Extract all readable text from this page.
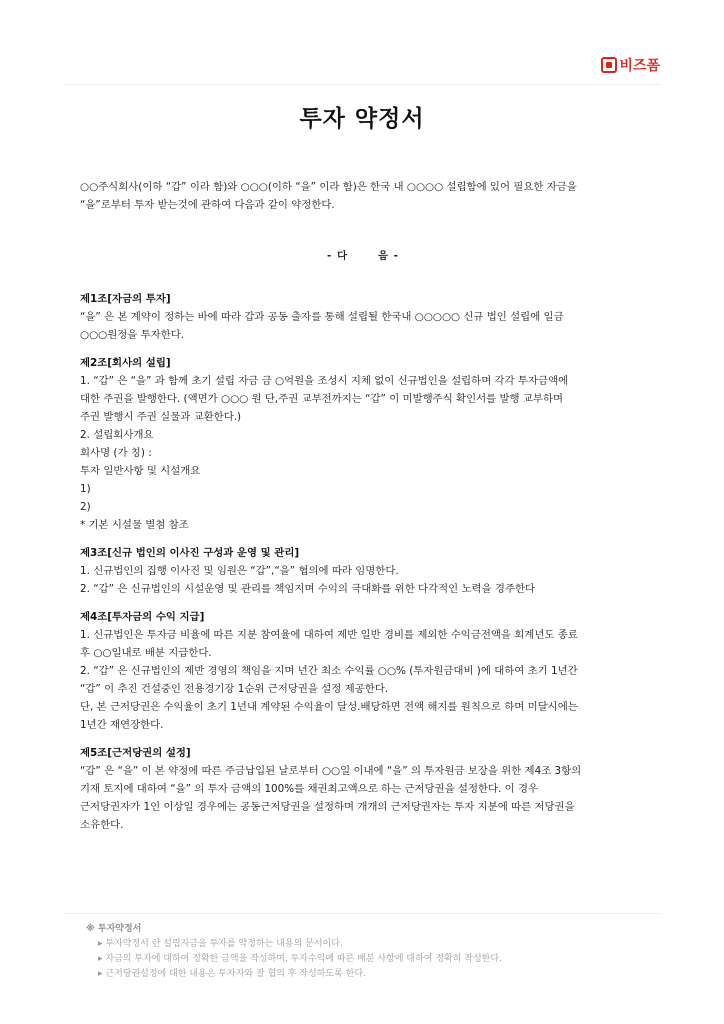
비즈폼
투자 약정서

○○주식회사(이하 “갑” 이라 함)와 ○○○(이하 “을” 이라 함)은 한국 내 ○○○○ 설립함에 있어 필요한 자금을

“을”로부터 투자 받는것에 관하여 다음과 같이 약정한다.

- 다	음 -
제1조[자금의 투자]

“을” 은 본 계약이 정하는 바에 따라 갑과 공동 출자를 통해 설립될 한국내 ○○○○○ 신규 법인 설립에 일금

○○○원정을 투자한다.

제2조[회사의 설립]

1. “갑” 은 “을” 과 함께 초기 설립 자금 금 ○억원을 조성시 지체 없이 신규법인을 설립하며 각각 투자금액에

대한 주권을 발행한다. (액면가 ○○○ 원 단,주권 교부전까지는 “갑” 이 미발행주식 확인서를 발행 교부하며

주권 발행시 주권 실물과 교환한다.)

2. 설립회사개요

회사명 (가 칭) :

투자 일반사항 및 시설개요

1)

2)

* 기본 시설물 별첨 참조

제3조[신규 법인의 이사진 구성과 운영 및 관리]

1. 신규법인의 집행 이사진 및 임원은 “갑”,“을” 협의에 따라 임명한다.

2. “갑” 은 신규법인의 시설운영 및 관리를 책임지며 수익의 극대화를 위한 다각적인 노력을 경주한다

제4조[투자금의 수익 지급]

1. 신규법인은 투자금 비율에 따른 지분 참여율에 대하여 제반 일반 경비를 제외한 수익금전액을 회계년도 종료

후 ○○일내로 배분 지급한다.

2. “갑” 은 신규법인의 제반 경영의 책임을 지며 년간 최소 수익률 ○○% (투자원금대비 )에 대하여 초기 1년간

“갑” 이 추진 건설중인 전용경기장 1순위 근저당권을 설정 제공한다.

단, 본 근저당권은 수익율이 초기 1년내 계약된 수익율이 달성.배당하면 전액 해지를 원칙으로 하며 미달시에는

1년간 재연장한다.

제5조[근저당권의 설정]

“갑” 은 “을” 이 본 약정에 따른 주금납입된 날로부터 ○○일 이내에 “을” 의 투자원금 보장을 위한 제4조 3항의

기재 토지에 대하여 “을” 의 투자 금액의 100%를 채권최고액으로 하는 근저당권을 설정한다. 이 경우

근저당권자가 1인 이상일 경우에는 공동근저당권을 설정하며 개개의 근저당권자는 투자 지분에 따른 저당권을

소유한다.

※ 투자약정서
▸ 투자약정서 란 설립자금을 투자를 약정하는 내용의 문서이다.
▸ 자금의 투자에 대하여 정확한 금액을 작성하며, 투자수익에 따른 배분 사항에 대하여 정확히 작성한다.
▸ 근저당권설정에 대한 내용은 투자자와 잘 협의 후 작성하도록 한다.
